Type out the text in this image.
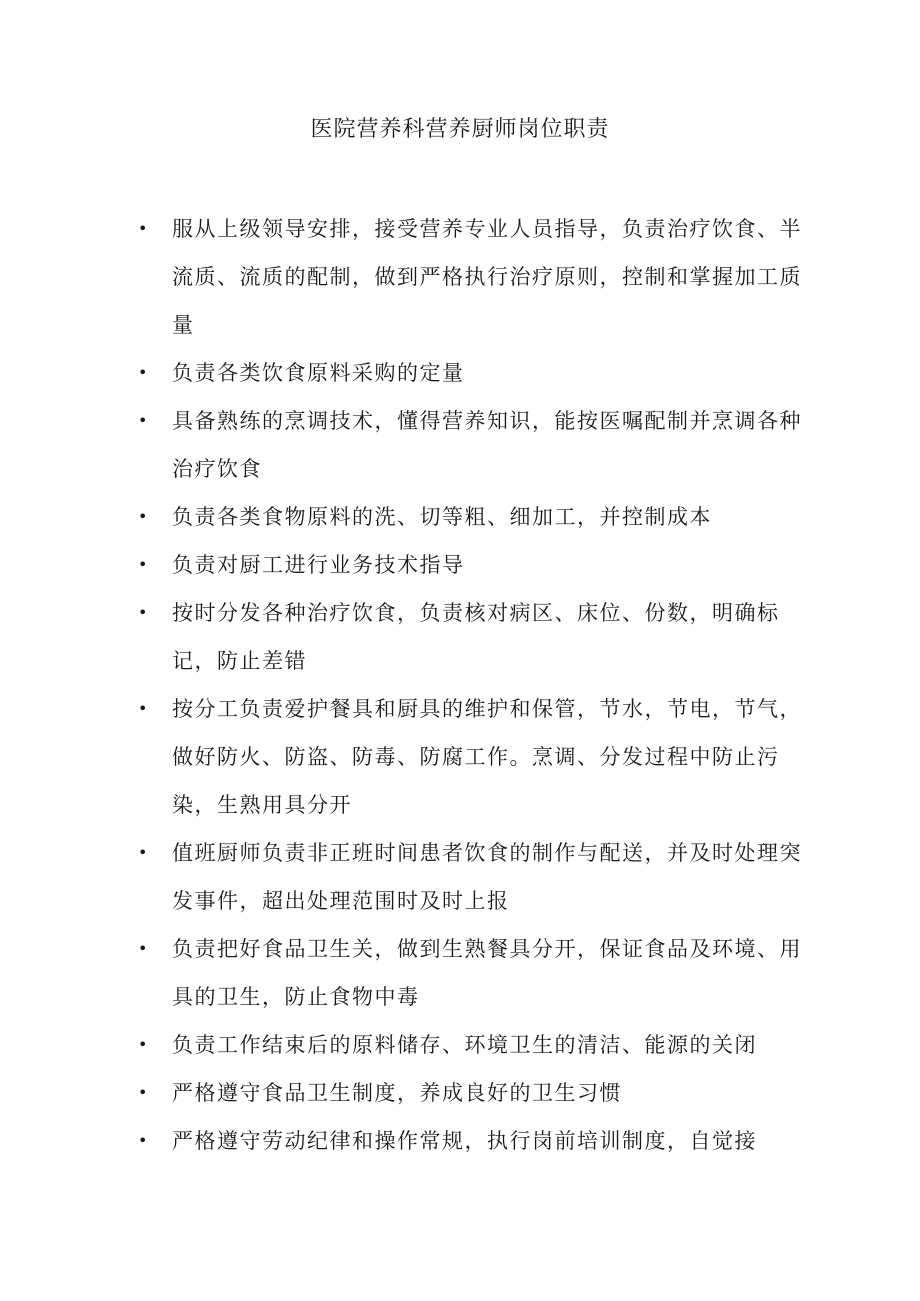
医院营养科营养厨师岗位职责
• 服从上级领导安排，接受营养专业人员指导，负责治疗饮食、半流质、流质的配制，做到严格执行治疗原则，控制和掌握加工质量
• 负责各类饮食原料采购的定量
• 具备熟练的烹调技术，懂得营养知识，能按医嘱配制并烹调各种治疗饮食
• 负责各类食物原料的洗、切等粗、细加工，并控制成本
• 负责对厨工进行业务技术指导
• 按时分发各种治疗饮食，负责核对病区、床位、份数，明确标记，防止差错
• 按分工负责爱护餐具和厨具的维护和保管，节水，节电，节气，做好防火、防盗、防毒、防腐工作。烹调、分发过程中防止污染，生熟用具分开
• 值班厨师负责非正班时间患者饮食的制作与配送，并及时处理突发事件，超出处理范围时及时上报
• 负责把好食品卫生关，做到生熟餐具分开，保证食品及环境、用具的卫生，防止食物中毒
• 负责工作结束后的原料储存、环境卫生的清洁、能源的关闭
• 严格遵守食品卫生制度，养成良好的卫生习惯
• 严格遵守劳动纪律和操作常规，执行岗前培训制度，自觉接
